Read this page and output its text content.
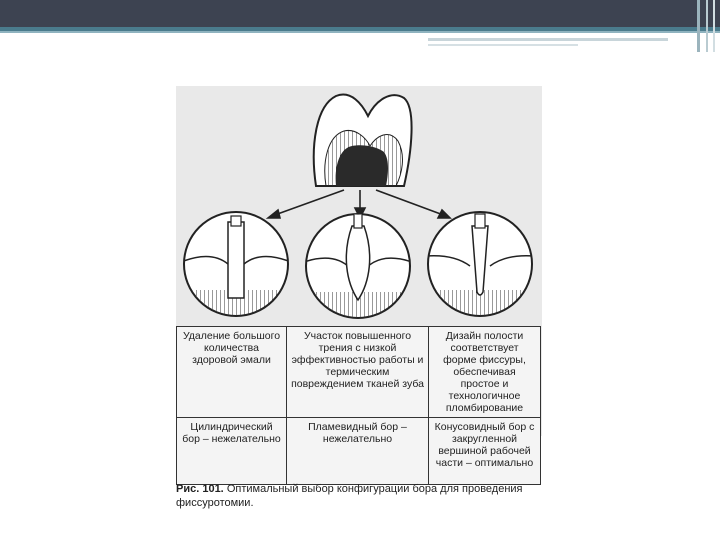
Удаление большого количества здоровой эмали	Участок повышенного трения с низкой эффективностью работы и термическим повреждением тканей зуба	Дизайн полости соответствует форме фиссуры, обеспечивая простое и технологичное пломбирование
Цилиндрический бор – нежелательно	Пламевидный бор – нежелательно	Конусовидный бор с закругленной вершиной рабочей части – оптимально
Рис. 101. Оптимальный выбор конфигурации бора для проведения фиссуротомии.
